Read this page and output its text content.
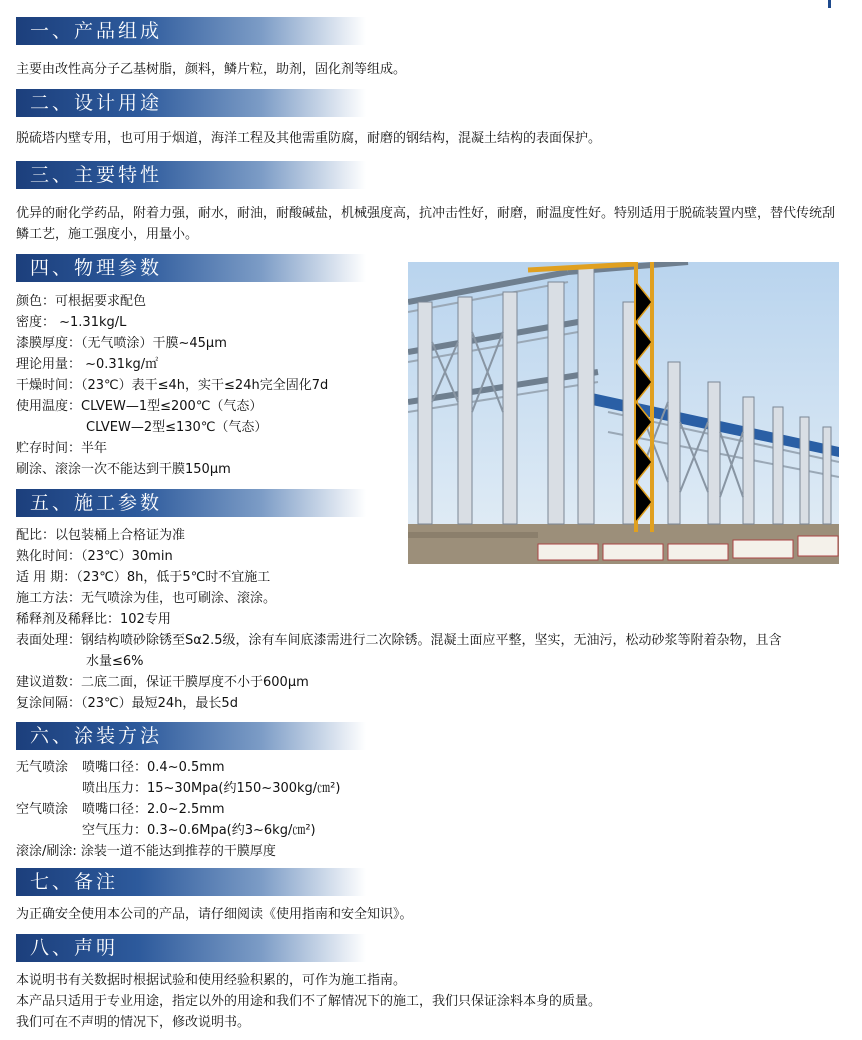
一、产品组成
主要由改性高分子乙基树脂，颜料，鳞片粒，助剂，固化剂等组成。
二、设计用途
脱硫塔内壁专用，也可用于烟道，海洋工程及其他需重防腐，耐磨的钢结构，混凝土结构的表面保护。
三、主要特性
优异的耐化学药品，附着力强，耐水，耐油，耐酸碱盐，机械强度高，抗冲击性好，耐磨，耐温度性好。特别适用于脱硫装置内壁，替代传统刮鳞工艺，施工强度小，用量小。
四、物理参数
颜色：可根据要求配色
密度： ~1.31kg/L
漆膜厚度：（无气喷涂）干膜~45μm
理论用量： ~0.31kg/㎡
干燥时间：（23℃）表干≤4h，实干≤24h完全固化7d
使用温度：CLVEW—1型≤200℃（气态）
CLVEW—2型≤130℃（气态）
贮存时间：半年
刷涂、滚涂一次不能达到干膜150μm
五、施工参数
配比：以包装桶上合格证为准
熟化时间：（23℃）30min
适 用 期：（23℃）8h，低于5℃时不宜施工
施工方法：无气喷涂为佳，也可刷涂、滚涂。
稀释剂及稀释比：102专用
表面处理：钢结构喷砂除锈至Sα2.5级，涂有车间底漆需进行二次除锈。混凝土面应平整，坚实，无油污，松动砂浆等附着杂物，且含
水量≤6%
建议道数：二底二面，保证干膜厚度不小于600μm
复涂间隔：（23℃）最短24h，最长5d
六、涂装方法
无气喷涂	喷嘴口径：0.4~0.5mm
喷出压力：15~30Mpa(约150~300kg/㎝²)
空气喷涂	喷嘴口径：2.0~2.5mm
空气压力：0.3~0.6Mpa(约3~6kg/㎝²)
滚涂/刷涂: 涂装一道不能达到推荐的干膜厚度
七、备注
为正确安全使用本公司的产品，请仔细阅读《使用指南和安全知识》。
八、声明
本说明书有关数据时根据试验和使用经验积累的，可作为施工指南。
本产品只适用于专业用途，指定以外的用途和我们不了解情况下的施工，我们只保证涂料本身的质量。
我们可在不声明的情况下，修改说明书。
